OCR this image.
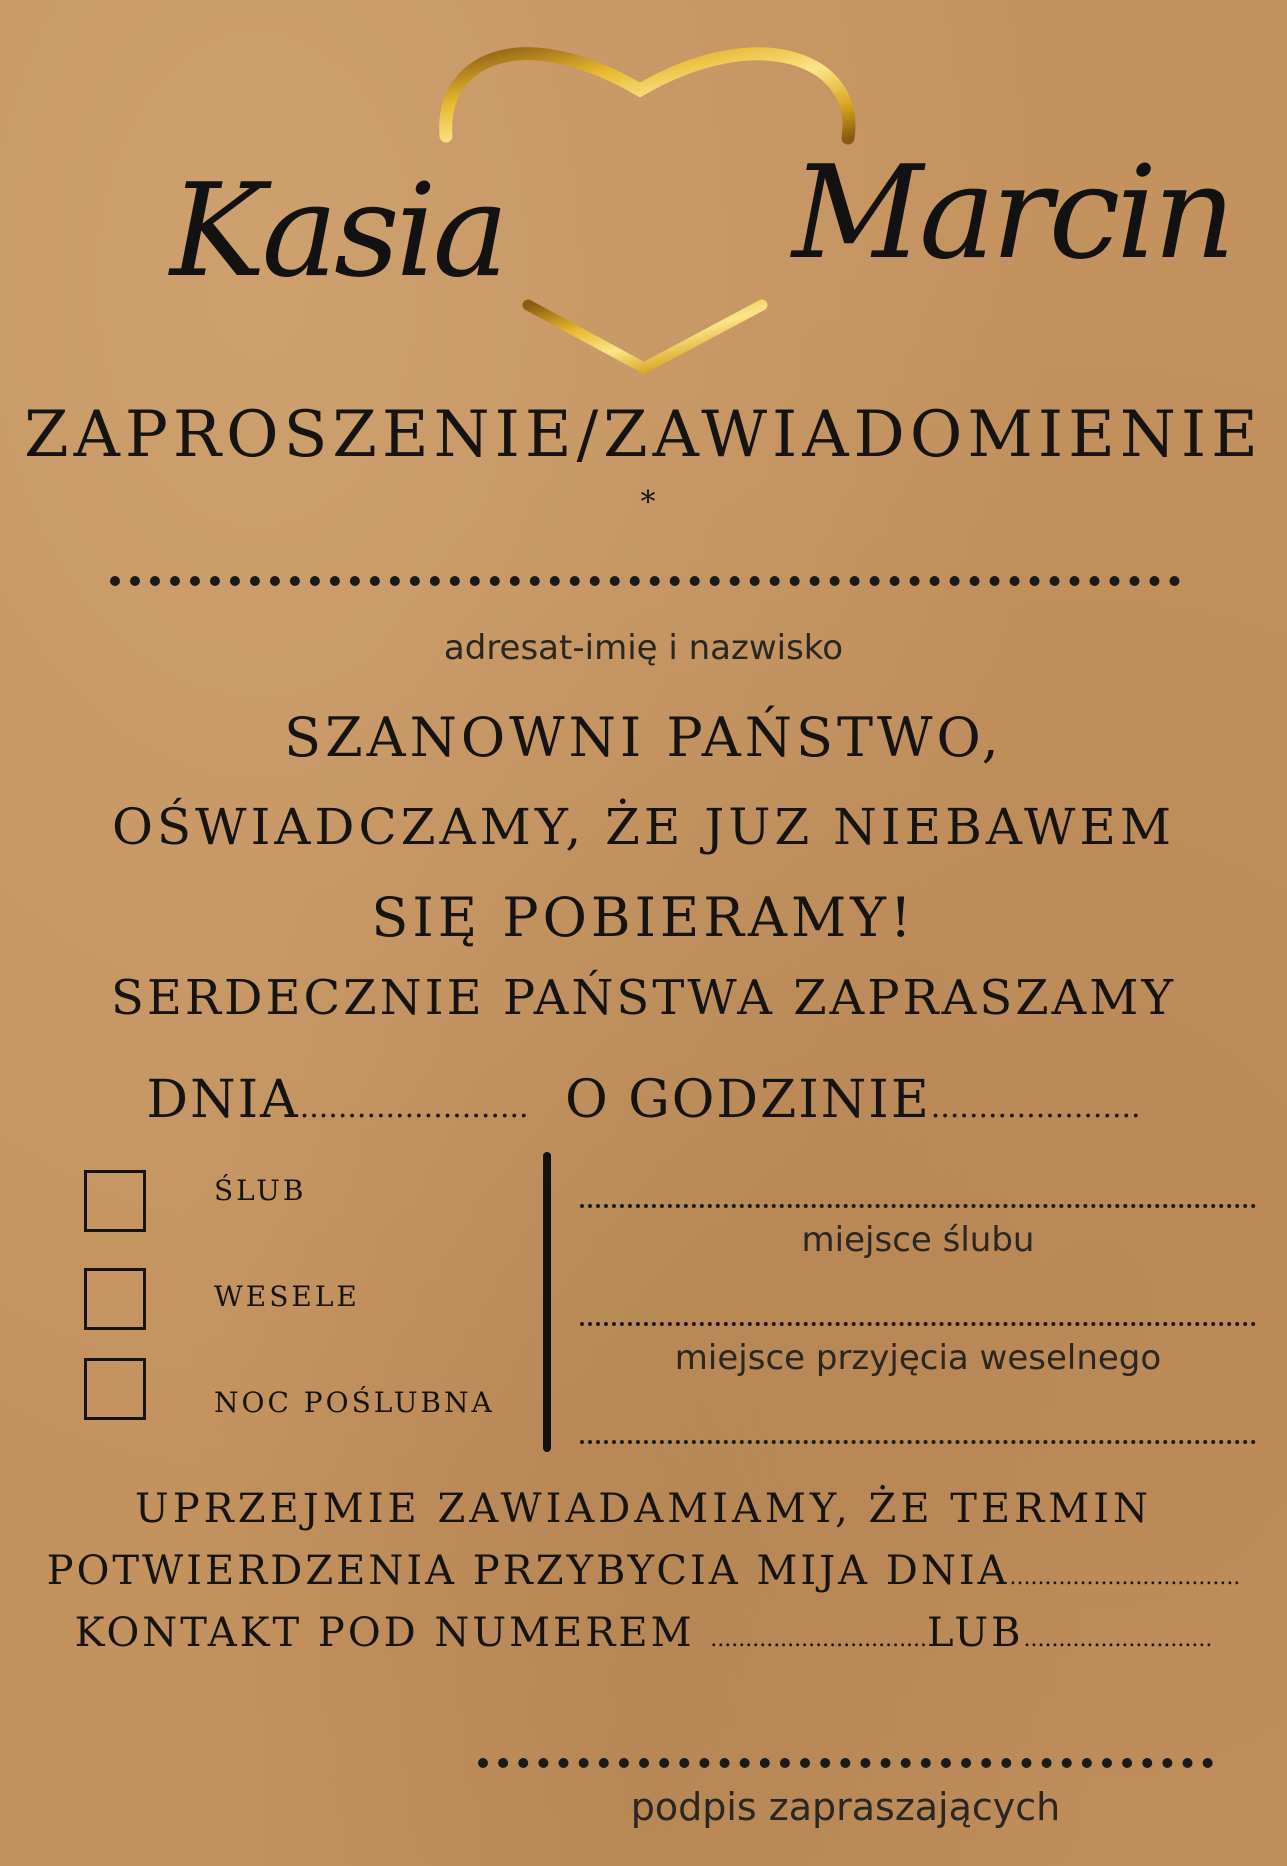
Kasia Marcin
ZAPROSZENIE/ZAWIADOMIENIE *
adresat-imię i nazwisko
SZANOWNI PAŃSTWO,
OŚWIADCZAMY, ŻE JUZ NIEBAWEM
SIĘ POBIERAMY!
SERDECZNIE PAŃSTWA ZAPRASZAMY
DNIA........................ O GODZINIE......................
ŚLUB
WESELE
NOC POŚLUBNA
miejsce ślubu
miejsce przyjęcia weselnego
UPRZEJMIE ZAWIADAMIAMY, ŻE TERMIN
POTWIERDZENIA PRZYBYCIA MIJA DNIA.................................
KONTAKT POD NUMEREM ...............................LUB...........................
podpis zapraszających
